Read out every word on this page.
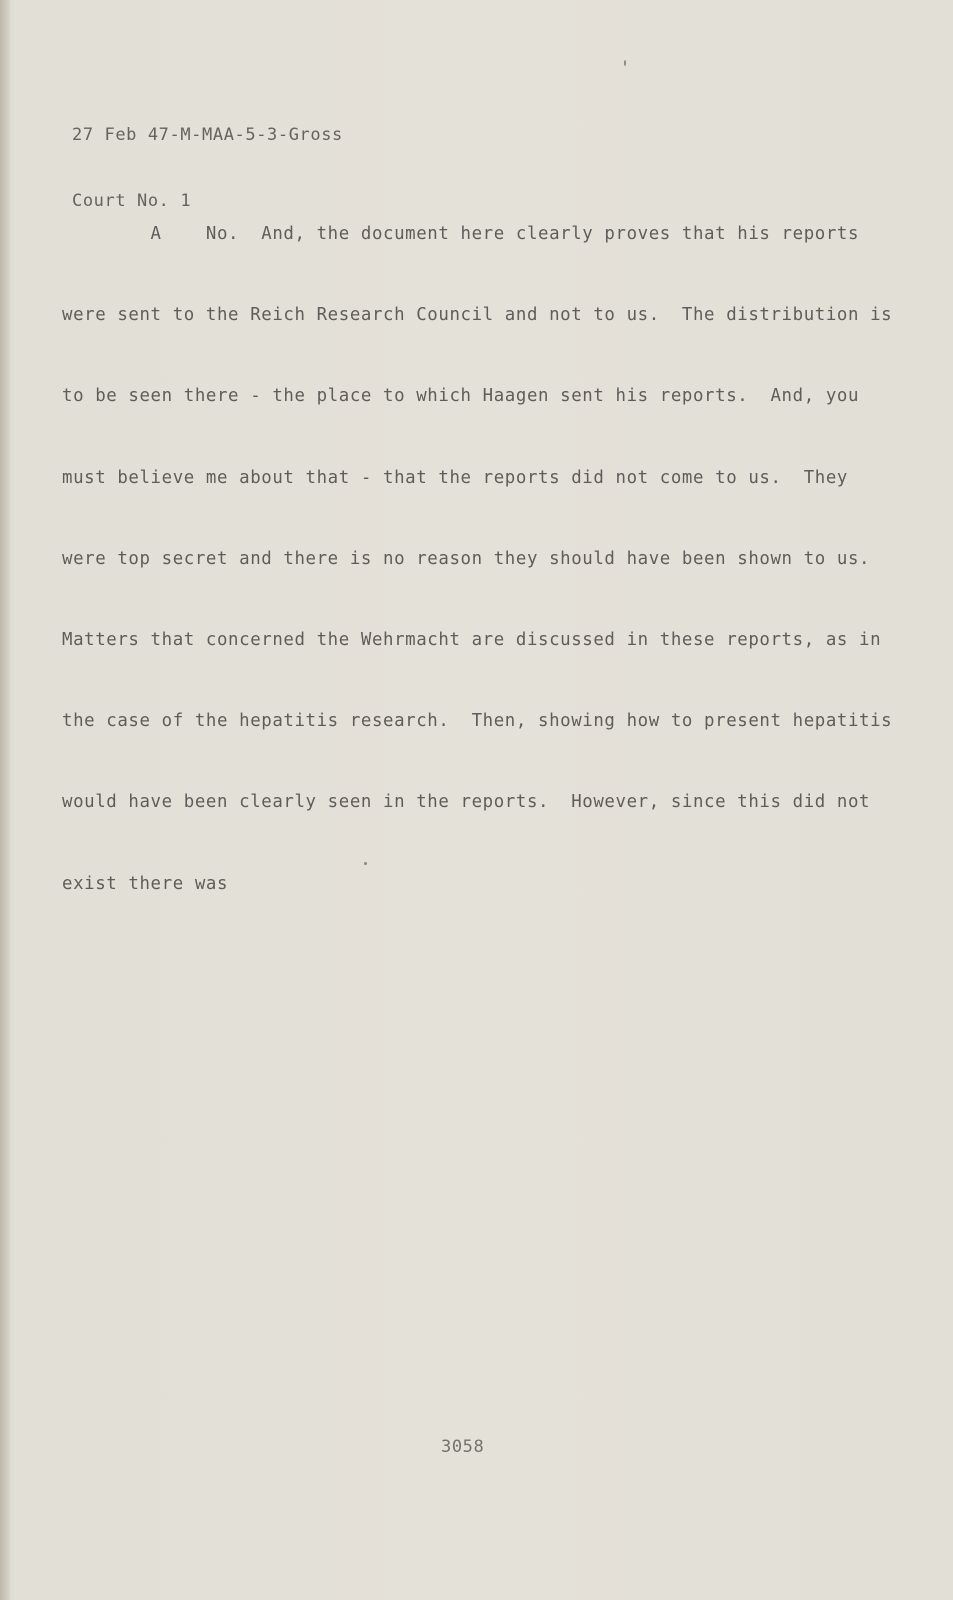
27 Feb 47-M-MAA-5-3-Gross

Court No. 1

A    No.  And, the document here clearly proves that his reports

were sent to the Reich Research Council and not to us.  The distribution is

to be seen there - the place to which Haagen sent his reports.  And, you

must believe me about that - that the reports did not come to us.  They

were top secret and there is no reason they should have been shown to us.

Matters that concerned the Wehrmacht are discussed in these reports, as in

the case of the hepatitis research.  Then, showing how to present hepatitis

would have been clearly seen in the reports.  However, since this did not

exist there was

3058
